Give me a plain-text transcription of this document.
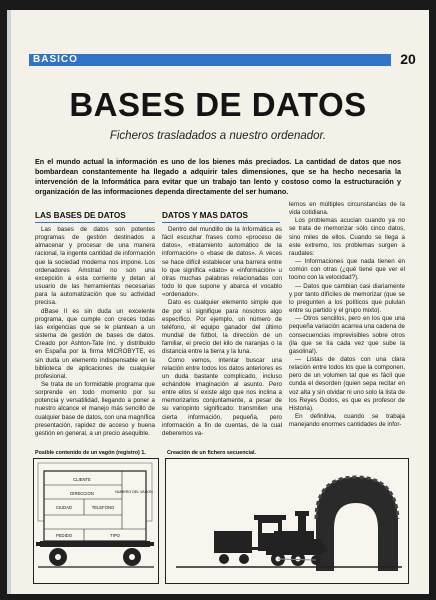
BASICO	20
BASES DE DATOS
Ficheros trasladados a nuestro ordenador.
En el mundo actual la información es uno de los bienes más preciados. La cantidad de datos que nos bombardean constantemente ha llegado a adquirir tales dimensiones, que se ha hecho necesaria la intervención de la Informática para evitar que un trabajo tan lento y costoso como la estructuración y organización de las informaciones dependa directamente del ser humano.
LAS BASES DE DATOS

Las bases de datos son potentes programas de gestión destinados a almacenar y procesar de una manera racional, la ingente cantidad de información que la sociedad moderna nos impone. Los ordenadores Amstrad no son una excepción a esta corriente y detan al usuario de las herramientas necesarias para la automatización que su actividad precisa.

dBase II es sin duda un excelente programa, que cumple con creces todas las exigencias que se le plantean a un sistema de gestión de bases de datos. Creado por Ashton-Tate Inc. y distribuido en España por la firma MICROBYTE, es sin duda un elemento indispensable en la biblioteca de aplicaciones de cualquier profesional.

Se trata de un formidable programa que sorprende en todo momento por su potencia y versatilidad, llegando a poner a nuestro alcance el manejo más sencillo de cualquier base de datos, con una magnífica presentación, rapidez de acceso y buena gestión en general, a un precio asequible.

DATOS Y MAS DATOS

Dentro del mundillo de la Informática es fácil escuchar frases como «proceso de datos», «tratamiento automático de la información» o «base de datos». A veces se hace difícil establecer una barrera entre lo que significa «dato» e «información» u otras muchas palabras relacionadas con todo lo que supone y abarca el vocablo «ordenador».

Dato es cualquier elemento simple que de por sí signifique para nosotros algo específico. Por ejemplo, un número de teléfono, el equipo ganador del último mundial de fútbol, la dirección de un familiar, el precio del kilo de naranjas o la distancia entre la tierra y la luna.

Como vemos, intentar buscar una relación entre todos los datos anteriores es un duda bastante complicado, incluso echándole imaginación al asunto. Pero entre ellos sí existe algo que nos inclina a memorizarlos conjuntamente, a pesar de su variopinto significado: transmiten una cierta información, pequeña, pero información a fin de cuentas, de la cual deberemos va-

lernos en múltiples circunstancias de la vida cotidiana.

Los problemas acucian cuando ya no se trata de memorizar sólo cinco datos, sino miles de ellos. Cuando se llega a este extremo, los problemas surgen a raudales:

— Informaciones que nada tienen en común con otras (¿qué tiene que ver el tocino con la velocidad?).

— Datos que cambian casi diariamente y por tanto difíciles de memorizar (que se lo pregunten a los políticos que pululan entre su partido y el grupo mixto).

— Otros sencillos, pero en los que una pequeña variación acarrea una cadena de consecuencias imprevisibles sobre otros (ila que se lía cada vez que sube la gasolina!).

— Listas de datos con una clara relación entre todos los que la componen, pero de un volumen tal que es fácil que cunda el desorden (quien sepa recitar en voz alta y sin olvidar ni uno solo la lista de los Reyes Godos, es que es profesor de Historia).

En definitiva, cuando se trabaja manejando enormes cantidades de infor-

Posible contenido de un vagón (registro) 1.	Creación de un fichero secuencial.
CLIENTE
DIRECCION
CIUDAD	TELEFONO
NUMERO DEL VAGON
PEDIDO	TIPO
